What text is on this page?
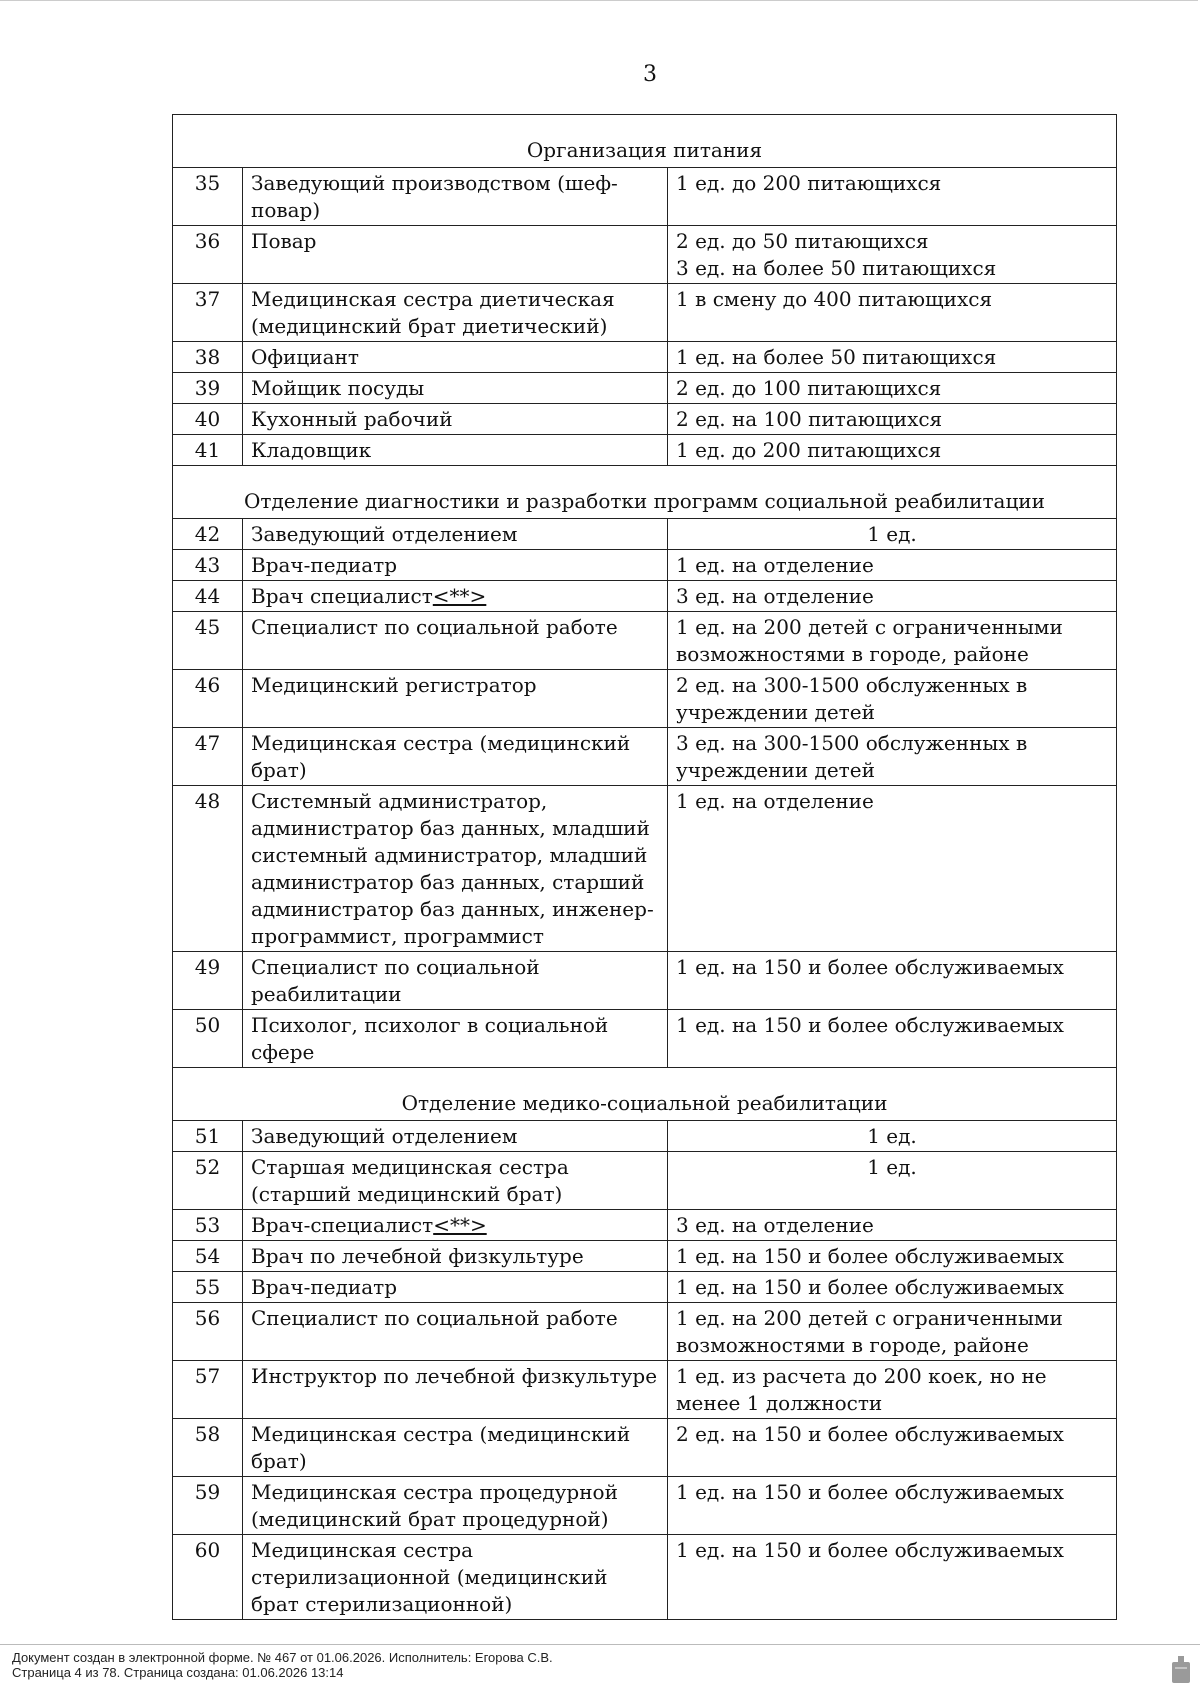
3
Организация питания		
35	Заведующий производством (шеф-повар)	1 ед. до 200 питающихся
36	Повар	2 ед. до 50 питающихся
3 ед. на более 50 питающихся
37	Медицинская сестра диетическая (медицинский брат диетический)	1 в смену до 400 питающихся
38	Официант	1 ед. на более 50 питающихся
39	Мойщик посуды	2 ед. до 100 питающихся
40	Кухонный рабочий	2 ед. на 100 питающихся
41	Кладовщик	1 ед. до 200 питающихся
Отделение диагностики и разработки программ социальной реабилитации		
42	Заведующий отделением	1 ед.
43	Врач-педиатр	1 ед. на отделение
44	Врач специалист<**>	3 ед. на отделение
45	Специалист по социальной работе	1 ед. на 200 детей с ограниченными возможностями в городе, районе
46	Медицинский регистратор	2 ед. на 300-1500 обслуженных в учреждении детей
47	Медицинская сестра (медицинский брат)	3 ед. на 300-1500 обслуженных в учреждении детей
48	Системный администратор, администратор баз данных, младший системный администратор, младший администратор баз данных, старший администратор баз данных, инженер-программист, программист	1 ед. на отделение
49	Специалист по социальной реабилитации	1 ед. на 150 и более обслуживаемых
50	Психолог, психолог в социальной сфере	1 ед. на 150 и более обслуживаемых
Отделение медико-социальной реабилитации		
51	Заведующий отделением	1 ед.
52	Старшая медицинская сестра (старший медицинский брат)	1 ед.
53	Врач-специалист<**>	3 ед. на отделение
54	Врач по лечебной физкультуре	1 ед. на 150 и более обслуживаемых
55	Врач-педиатр	1 ед. на 150 и более обслуживаемых
56	Специалист по социальной работе	1 ед. на 200 детей с ограниченными возможностями в городе, районе
57	Инструктор по лечебной физкультуре	1 ед. из расчета до 200 коек, но не менее 1 должности
58	Медицинская сестра (медицинский брат)	2 ед. на 150 и более обслуживаемых
59	Медицинская сестра процедурной (медицинский брат процедурной)	1 ед. на 150 и более обслуживаемых
60	Медицинская сестра стерилизационной (медицинский брат стерилизационной)	1 ед. на 150 и более обслуживаемых
Документ создан в электронной форме. № 467 от 01.06.2026. Исполнитель: Егорова С.В.
Страница 4 из 78. Страница создана: 01.06.2026 13:14
